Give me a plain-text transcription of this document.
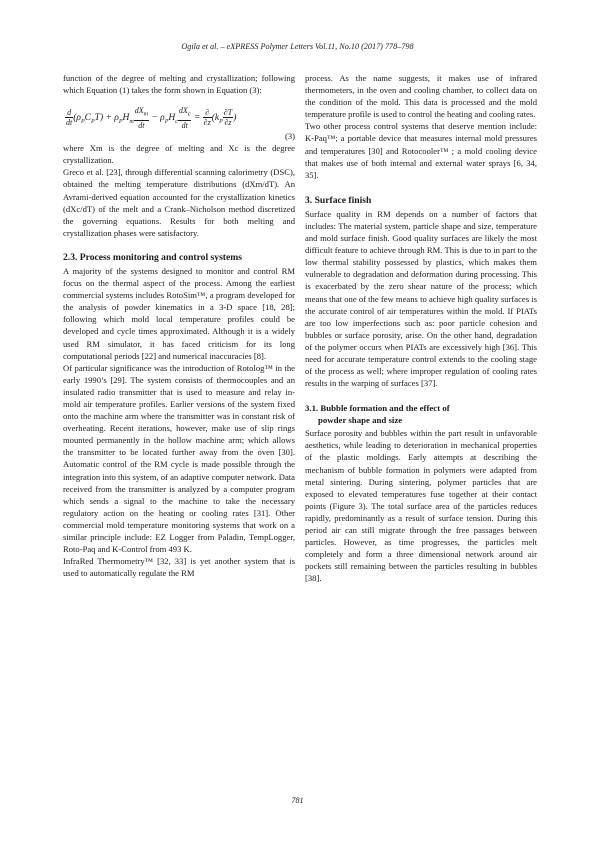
Ogila et al. – eXPRESS Polymer Letters Vol.11, No.10 (2017) 778–798

function of the degree of melting and crystallization; following which Equation (1) takes the form shown in Equation (3):

$\frac{d}{dt} (\rho_PC_PT) + \rho_PH_m \frac{dX_m}{dt} - \rho_PH_c \frac{dX_c}{dt} = \frac{\partial}{\partial z} (k_P \frac{\partial T}{\partial z}$ )
(3)

where Xm is the degree of melting and Xc is the degree crystallization.

Greco et al. [23], through differential scanning calorimetry (DSC), obtained the melting temperature distributions (dXm/dT). An Avrami-derived equation accounted for the crystallization kinetics (dXc/dT) of the melt and a Crank–Nicholson method discretized the governing equations. Results for both melting and crystallization phases were satisfactory.

2.3. Process monitoring and control systems

A majority of the systems designed to monitor and control RM focus on the thermal aspect of the process. Among the earliest commercial systems includes RotoSim™, a program developed for the analysis of powder kinematics in a 3-D space [18, 28]; following which mold local temperature profiles could be developed and cycle times approximated. Although it is a widely used RM simulator, it has faced criticism for its long computational periods [22] and numerical inaccuracies [8].

Of particular significance was the introduction of Rotolog™ in the early 1990’s [29]. The system consists of thermocouples and an insulated radio transmitter that is used to measure and relay in-mold air temperature profiles. Earlier versions of the system fixed onto the machine arm where the transmitter was in constant risk of overheating. Recent iterations, however, make use of slip rings mounted permanently in the hollow machine arm; which allows the transmitter to be located further away from the oven [30]. Automatic control of the RM cycle is made possible through the integration into this system, of an adaptive computer network. Data received from the transmitter is analyzed by a computer program which sends a signal to the machine to take the necessary regulatory action on the heating or cooling rates [31]. Other commercial mold temperature monitoring systems that work on a similar principle include: EZ Logger from Paladin, TempLogger, Roto-Paq and K-Control from 493 K.

InfraRed Thermometry™ [32, 33] is yet another system that is used to automatically regulate the RM

process. As the name suggests, it makes use of infrared thermometers, in the oven and cooling chamber, to collect data on the condition of the mold. This data is processed and the mold temperature profile is used to control the heating and cooling rates.

Two other process control systems that deserve mention include: K-Paq™; a portable device that measures internal mold pressures and temperatures [30] and Rotocooler™ ; a mold cooling device that makes use of both internal and external water sprays [6, 34, 35].

3. Surface finish

Surface quality in RM depends on a number of factors that includes: The material system, particle shape and size, temperature and mold surface finish. Good quality surfaces are likely the most difficult feature to achieve through RM. This is due to in part to the low thermal stability possessed by plastics, which makes them vulnerable to degradation and deformation during processing. This is exacerbated by the zero shear nature of the process; which means that one of the few means to achieve high quality surfaces is the accurate control of air temperatures within the mold. If PIATs are too low imperfections such as: poor particle cohesion and bubbles or surface porosity, arise. On the other hand, degradation of the polymer occurs when PIATs are excessively high [36]. This need for accurate temperature control extends to the cooling stage of the process as well; where improper regulation of cooling rates results in the warping of surfaces [37].

3.1. Bubble formation and the effect of
powder shape and size

Surface porosity and bubbles within the part result in unfavorable aesthetics, while leading to deterioration in mechanical properties of the plastic moldings. Early attempts at describing the mechanism of bubble formation in polymers were adapted from metal sintering. During sintering, polymer particles that are exposed to elevated temperatures fuse together at their contact points (Figure 3). The total surface area of the particles reduces rapidly, predominantly as a result of surface tension. During this period air can still migrate through the free passages between particles. However, as time progresses, the particles melt completely and form a three dimensional network around air pockets still remaining between the particles resulting in bubbles [38].

781
